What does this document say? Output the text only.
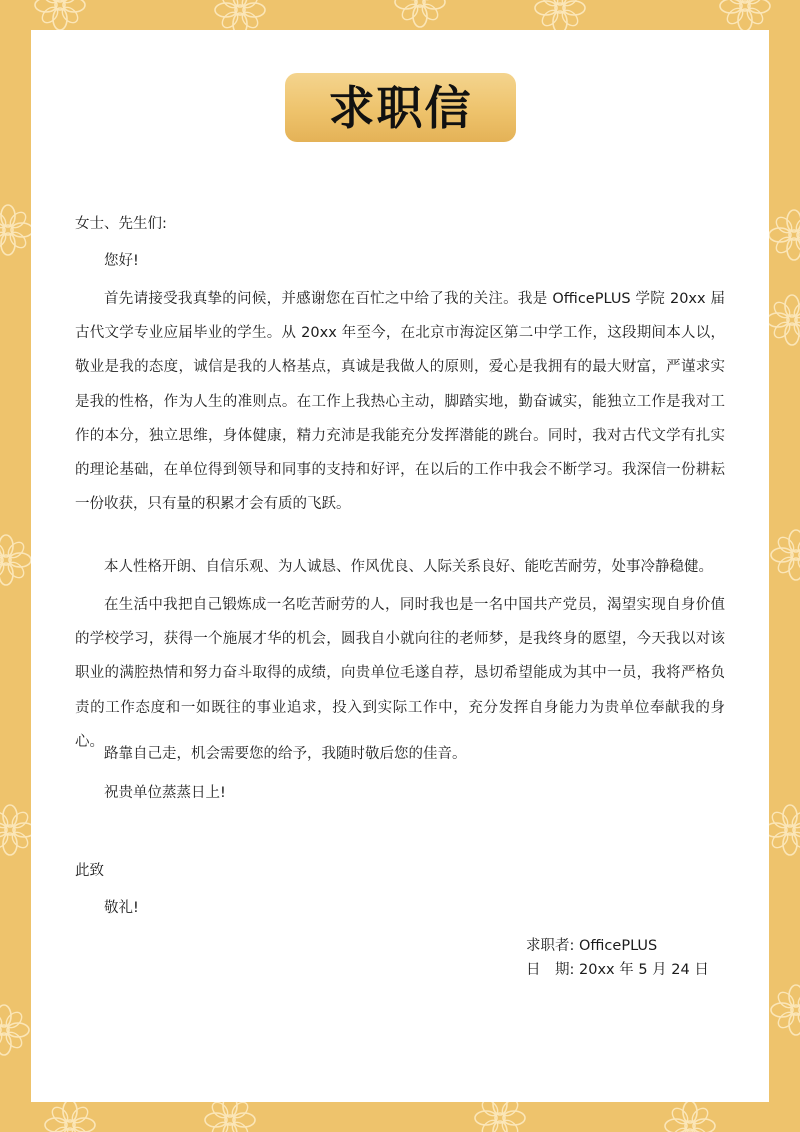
求职信
女士、先生们:
您好!

首先请接受我真挚的问候，并感谢您在百忙之中给了我的关注。我是 OfficePLUS 学院 20xx 届古代文学专业应届毕业的学生。从 20xx 年至今，在北京市海淀区第二中学工作，这段期间本人以，敬业是我的态度，诚信是我的人格基点，真诚是我做人的原则，爱心是我拥有的最大财富，严谨求实是我的性格，作为人生的准则点。在工作上我热心主动，脚踏实地，勤奋诚实，能独立工作是我对工作的本分，独立思维，身体健康，精力充沛是我能充分发挥潜能的跳台。同时，我对古代文学有扎实的理论基础，在单位得到领导和同事的支持和好评，在以后的工作中我会不断学习。我深信一份耕耘一份收获，只有量的积累才会有质的飞跃。

本人性格开朗、自信乐观、为人诚恳、作风优良、人际关系良好、能吃苦耐劳，处事冷静稳健。

在生活中我把自己锻炼成一名吃苦耐劳的人，同时我也是一名中国共产党员，渴望实现自身价值的学校学习，获得一个施展才华的机会，圆我自小就向往的老师梦，是我终身的愿望，今天我以对该职业的满腔热情和努力奋斗取得的成绩，向贵单位毛遂自荐，恳切希望能成为其中一员，我将严格负责的工作态度和一如既往的事业追求，投入到实际工作中，充分发挥自身能力为贵单位奉献我的身心。

路靠自己走，机会需要您的给予，我随时敬后您的佳音。
祝贵单位蒸蒸日上!
此致
敬礼!
求职者: OfficePLUS
日　期: 20xx 年 5 月 24 日
